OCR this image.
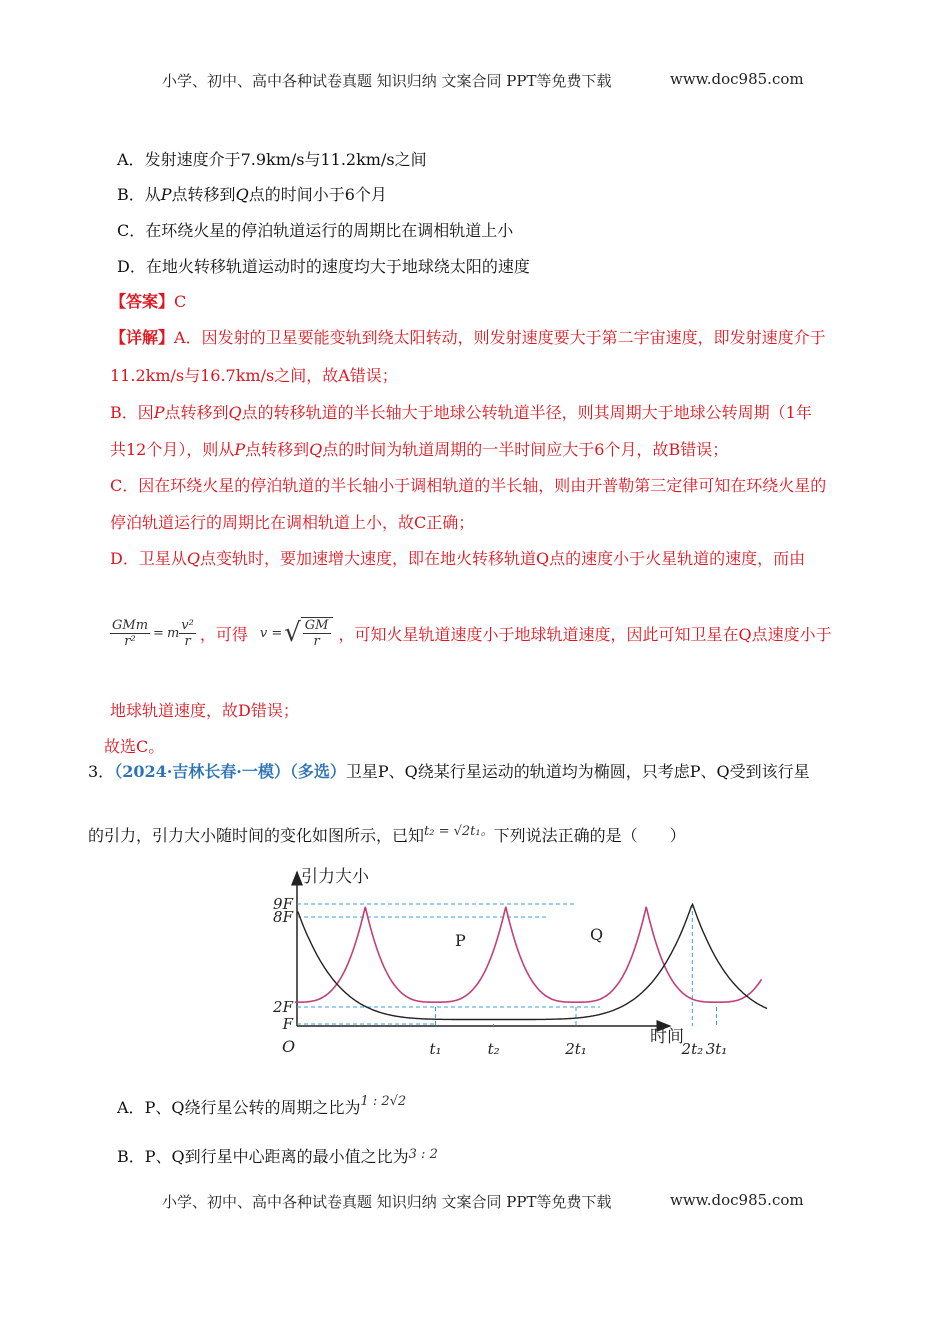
小学、初中、高中各种试卷真题 知识归纳 文案合同 PPT等免费下载	www.doc985.com
A．发射速度介于7.9km/s与11.2km/s之间
B．从P点转移到Q点的时间小于6个月
C．在环绕火星的停泊轨道运行的周期比在调相轨道上小
D．在地火转移轨道运动时的速度均大于地球绕太阳的速度
【答案】C
【详解】A．因发射的卫星要能变轨到绕太阳转动，则发射速度要大于第二宇宙速度，即发射速度介于
11.2km/s与16.7km/s之间，故A错误；
B．因P点转移到Q点的转移轨道的半长轴大于地球公转轨道半径，则其周期大于地球公转周期（1年
共12个月），则从P点转移到Q点的时间为轨道周期的一半时间应大于6个月，故B错误；
C．因在环绕火星的停泊轨道的半长轴小于调相轨道的半长轴，则由开普勒第三定律可知在环绕火星的
停泊轨道运行的周期比在调相轨道上小，故C正确；
D．卫星从Q点变轨时，要加速增大速度，即在地火转移轨道Q点的速度小于火星轨道的速度，而由
$\frac{\text{GMm}}{\text{r²}} = m \frac{\text{v²}}{r}$ ，可得 v = √ $\frac{GM}{r}$ ，可知火星轨道速度小于地球轨道速度，因此可知卫星在Q点速度小于
地球轨道速度，故D错误；
故选C。
3．（2024·吉林长春·一模）（多选）卫星P、Q绕某行星运动的轨道均为椭圆，只考虑P、Q受到该行星
的引力，引力大小随时间的变化如图所示，已知$^{t_2 = √2t_1。}$下列说法正确的是（　　）
引力大小
时间
O
9F
8F
2F
F
t₁	t₂	2t₁	2t₂ 3t₁
P	Q
A．P、Q绕行星公转的周期之比为$^{1 : 2√2}$
B．P、Q到行星中心距离的最小值之比为$^{3 : 2}$
小学、初中、高中各种试卷真题 知识归纳 文案合同 PPT等免费下载	www.doc985.com
